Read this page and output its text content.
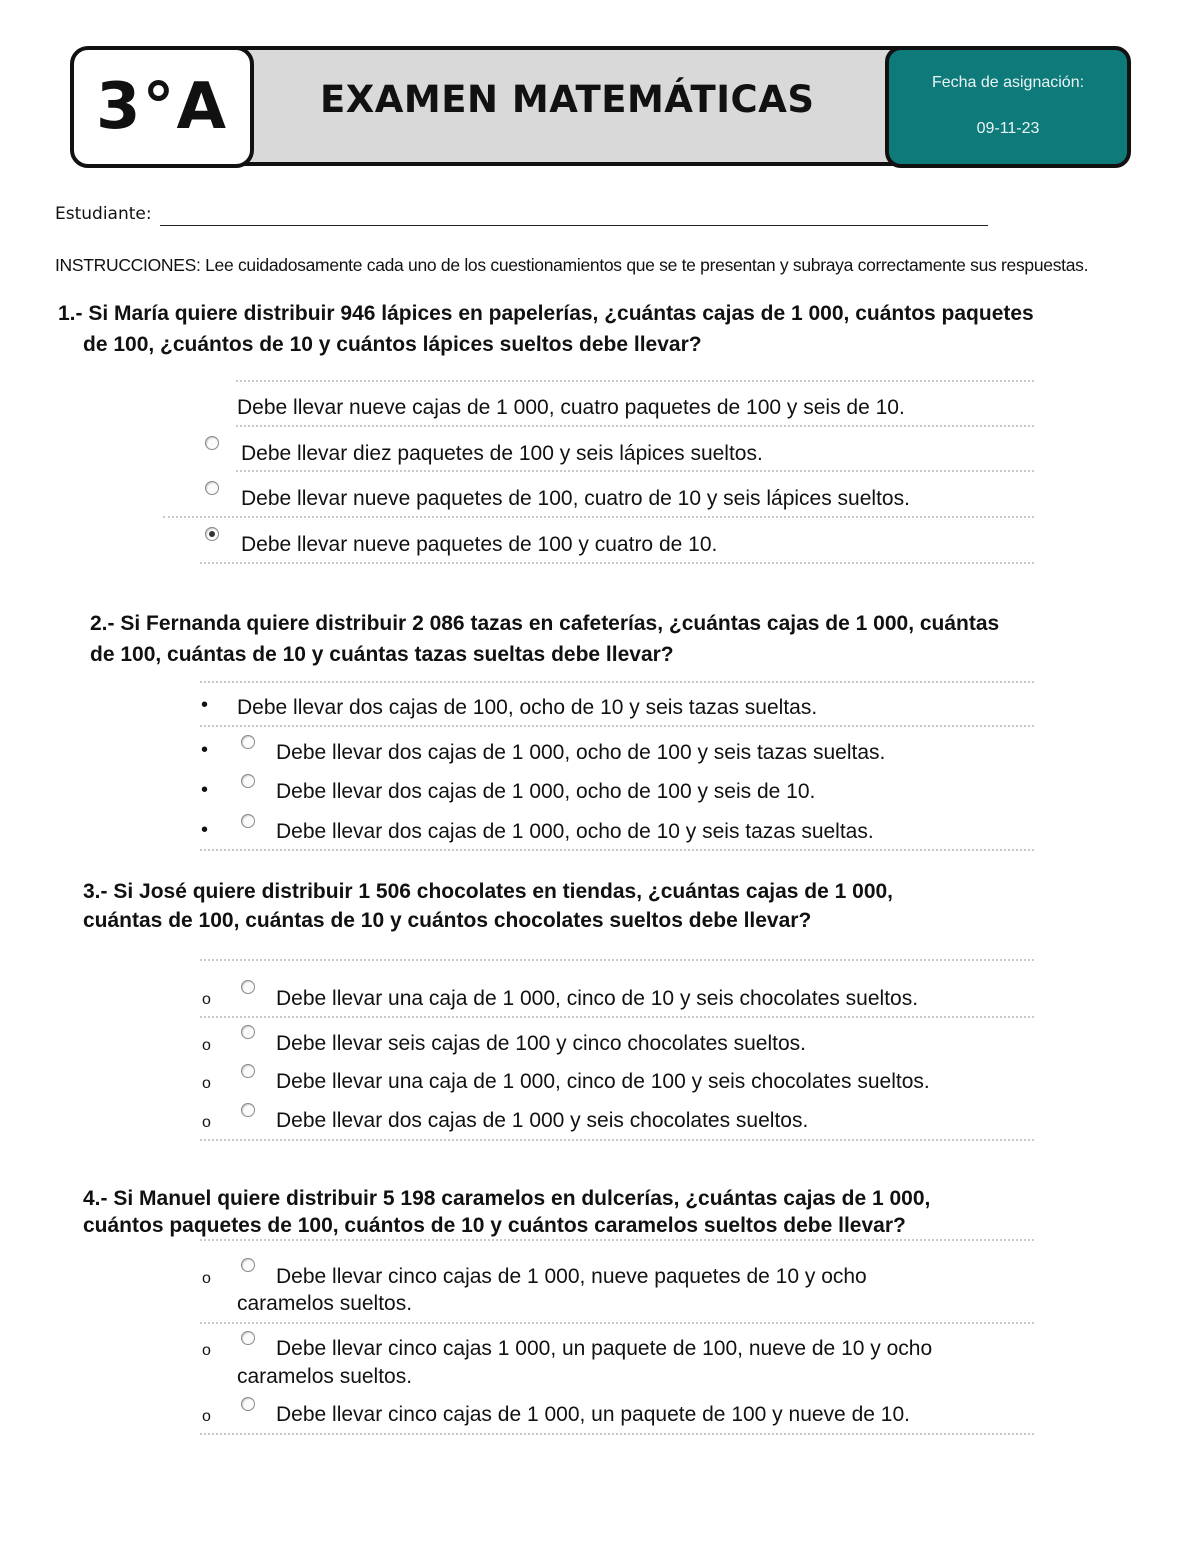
EXAMEN MATEMÁTICAS
3°A	Fecha de asignación:
09-11-23
Estudiante:
INSTRUCCIONES: Lee cuidadosamente cada uno de los cuestionamientos que se te presentan y subraya correctamente sus respuestas.
1.- Si María quiere distribuir 946 lápices en papelerías, ¿cuántas cajas de 1 000, cuántos paquetes
de 100, ¿cuántos de 10 y cuántos lápices sueltos debe llevar?
Debe llevar nueve cajas de 1 000, cuatro paquetes de 100 y seis de 10.
Debe llevar diez paquetes de 100 y seis lápices sueltos.
Debe llevar nueve paquetes de 100, cuatro de 10 y seis lápices sueltos.
Debe llevar nueve paquetes de 100 y cuatro de 10.
2.- Si Fernanda quiere distribuir 2 086 tazas en cafeterías, ¿cuántas cajas de 1 000, cuántas
de 100, cuántas de 10 y cuántas tazas sueltas debe llevar?
• Debe llevar dos cajas de 100, ocho de 10 y seis tazas sueltas.
•	Debe llevar dos cajas de 1 000, ocho de 100 y seis tazas sueltas.
•	Debe llevar dos cajas de 1 000, ocho de 100 y seis de 10.
•	Debe llevar dos cajas de 1 000, ocho de 10 y seis tazas sueltas.
3.- Si José quiere distribuir 1 506 chocolates en tiendas, ¿cuántas cajas de 1 000,
cuántas de 100, cuántas de 10 y cuántos chocolates sueltos debe llevar?
o	Debe llevar una caja de 1 000, cinco de 10 y seis chocolates sueltos.
o	Debe llevar seis cajas de 100 y cinco chocolates sueltos.
o	Debe llevar una caja de 1 000, cinco de 100 y seis chocolates sueltos.
o	Debe llevar dos cajas de 1 000 y seis chocolates sueltos.
4.- Si Manuel quiere distribuir 5 198 caramelos en dulcerías, ¿cuántas cajas de 1 000,
cuántos paquetes de 100, cuántos de 10 y cuántos caramelos sueltos debe llevar?
o	Debe llevar cinco cajas de 1 000, nueve paquetes de 10 y ocho
caramelos sueltos.
o	Debe llevar cinco cajas 1 000, un paquete de 100, nueve de 10 y ocho
caramelos sueltos.
o	Debe llevar cinco cajas de 1 000, un paquete de 100 y nueve de 10.
